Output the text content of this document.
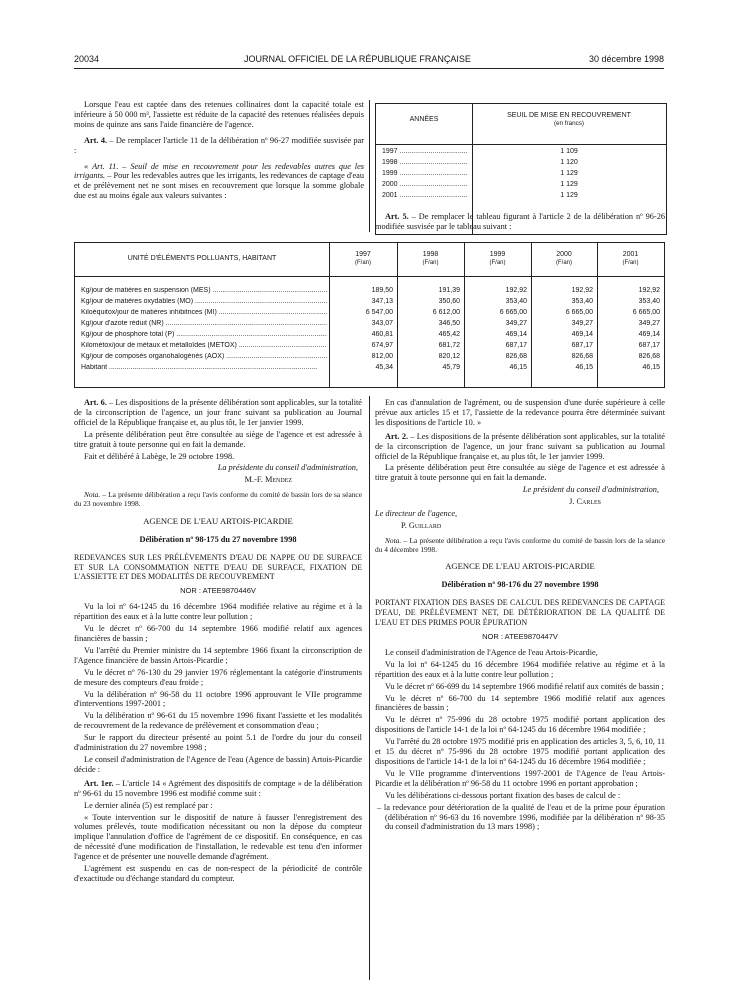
20034	JOURNAL OFFICIEL DE LA RÉPUBLIQUE FRANÇAISE	30 décembre 1998

Lorsque l'eau est captée dans des retenues collinaires dont la capacité totale est inférieure à 50 000 m³, l'assiette est réduite de la capacité des retenues réalisées depuis moins de quinze ans sans l'aide financière de l'agence.

Art. 4. – De remplacer l'article 11 de la délibération nº 96-27 modifiée susvisée par :

« Art. 11. – Seuil de mise en recouvrement pour les redevables autres que les irrigants. – Pour les redevables autres que les irrigants, les redevances de captage d'eau et de prélèvement net ne sont mises en recouvrement que lorsque la somme globale due est au moins égale aux valeurs suivantes :

ANNÉES
SEUIL DE MISE EN RECOUVREMENT
(en francs)
1997 .....	1 109
1998 .....	1 120
1999 .....	1 129
2000 .....	1 129
2001 .....	1 129

Art. 5. – De remplacer le tableau figurant à l'article 2 de la délibération nº 96-26 modifiée susvisée par le tableau suivant :

UNITÉ D'ÉLÉMENTS POLLUANTS, HABITANT
1997
(F/an)
1998
(F/an)
1999
(F/an)
2000
(F/an)
2001
(F/an)
Kg/jour de matières en suspension (MES) .....	189,50	191,39	192,92	192,92	192,92
Kg/jour de matières oxydables (MO) .....	347,13	350,60	353,40	353,40	353,40
Kiloéquitox/jour de matières inhibitrices (MI) .....	6 547,00	6 612,00	6 665,00	6 665,00	6 665,00
Kg/jour d'azote réduit (NR) .....	343,07	346,50	349,27	349,27	349,27
Kg/jour de phosphore total (P) .....	460,81	465,42	469,14	469,14	469,14
Kilométox/jour de métaux et métalloïdes (METOX) .....	674,97	681,72	687,17	687,17	687,17
Kg/jour de composés organohalogénés (AOX) .....	812,00	820,12	826,68	826,68	826,68
Habitant .....	45,34	45,79	46,15	46,15	46,15

Art. 6. – Les dispositions de la présente délibération sont applicables, sur la totalité de la circonscription de l'agence, un jour franc suivant sa publication au Journal officiel de la République française et, au plus tôt, le 1er janvier 1999.

La présente délibération peut être consultée au siège de l'agence et est adressée à titre gratuit à toute personne qui en fait la demande.

Fait et délibéré à Labège, le 29 octobre 1998.

La présidente du conseil d'administration,

M.-F. Mendez

Nota. – La présente délibération a reçu l'avis conforme du comité de bassin lors de sa séance du 23 novembre 1998.

AGENCE DE L'EAU ARTOIS-PICARDIE

Délibération nº 98-175 du 27 novembre 1998

REDEVANCES SUR LES PRÉLÈVEMENTS D'EAU DE NAPPE OU DE SURFACE ET SUR LA CONSOMMATION NETTE D'EAU DE SURFACE, FIXATION DE L'ASSIETTE ET DES MODALITÉS DE RECOUVREMENT

NOR : ATEE9870446V

Vu la loi nº 64-1245 du 16 décembre 1964 modifiée relative au régime et à la répartition des eaux et à la lutte contre leur pollution ;

Vu le décret nº 66-700 du 14 septembre 1966 modifié relatif aux agences financières de bassin ;

Vu l'arrêté du Premier ministre du 14 septembre 1966 fixant la circonscription de l'Agence financière de bassin Artois-Picardie ;

Vu le décret nº 76-130 du 29 janvier 1976 réglementant la catégorie d'instruments de mesure des compteurs d'eau froide ;

Vu la délibération nº 96-58 du 11 octobre 1996 approuvant le VIIe programme d'interventions 1997-2001 ;

Vu la délibération nº 96-61 du 15 novembre 1996 fixant l'assiette et les modalités de recouvrement de la redevance de prélèvement et consommation d'eau ;

Sur le rapport du directeur présenté au point 5.1 de l'ordre du jour du conseil d'administration du 27 novembre 1998 ;

Le conseil d'administration de l'Agence de l'eau (Agence de bassin) Artois-Picardie décide :

Art. 1er. – L'article 14 « Agrément des dispositifs de comptage » de la délibération nº 96-61 du 15 novembre 1996 est modifié comme suit :

Le dernier alinéa (5) est remplacé par :

« Toute intervention sur le dispositif de nature à fausser l'enregistrement des volumes prélevés, toute modification nécessitant ou non la dépose du compteur implique l'annulation d'office de l'agrément de ce dispositif. En conséquence, en cas de nécessité d'une modification de l'installation, le redevable est tenu d'en informer l'agence et de présenter une nouvelle demande d'agrément.

L'agrément est suspendu en cas de non-respect de la périodicité de contrôle d'exactitude ou d'échange standard du compteur.

En cas d'annulation de l'agrément, ou de suspension d'une durée supérieure à celle prévue aux articles 15 et 17, l'assiette de la redevance pourra être déterminée suivant les dispositions de l'article 10. »

Art. 2. – Les dispositions de la présente délibération sont applicables, sur la totalité de la circonscription de l'agence, un jour franc suivant sa publication au Journal officiel de la République française et, au plus tôt, le 1er janvier 1999.

La présente délibération peut être consultée au siège de l'agence et est adressée à titre gratuit à toute personne qui en fait la demande.

Le président du conseil d'administration,

J. Carles

Le directeur de l'agence,

P. Guillard

Nota. – La présente délibération a reçu l'avis conforme du comité de bassin lors de la séance du 4 décembre 1998.

AGENCE DE L'EAU ARTOIS-PICARDIE

Délibération nº 98-176 du 27 novembre 1998

PORTANT FIXATION DES BASES DE CALCUL DES REDEVANCES DE CAPTAGE D'EAU, DE PRÉLÈVEMENT NET, DE DÉTÉRIORATION DE LA QUALITÉ DE L'EAU ET DES PRIMES POUR ÉPURATION

NOR : ATEE9870447V

Le conseil d'administration de l'Agence de l'eau Artois-Picardie,

Vu la loi nº 64-1245 du 16 décembre 1964 modifiée relative au régime et à la répartition des eaux et à la lutte contre leur pollution ;

Vu le décret nº 66-699 du 14 septembre 1966 modifié relatif aux comités de bassin ;

Vu le décret nº 66-700 du 14 septembre 1966 modifié relatif aux agences financières de bassin ;

Vu le décret nº 75-996 du 28 octobre 1975 modifié portant application des dispositions de l'article 14-1 de la loi nº 64-1245 du 16 décembre 1964 modifiée ;

Vu l'arrêté du 28 octobre 1975 modifié pris en application des articles 3, 5, 6, 10, 11 et 15 du décret nº 75-996 du 28 octobre 1975 modifié portant application des dispositions de l'article 14-1 de la loi nº 64-1245 du 16 décembre 1964 modifiée ;

Vu le VIIe programme d'interventions 1997-2001 de l'Agence de l'eau Artois-Picardie et la délibération nº 96-58 du 11 octobre 1996 en portant approbation ;

Vu les délibérations ci-dessous portant fixation des bases de calcul de :

– la redevance pour détérioration de la qualité de l'eau et de la prime pour épuration (délibération nº 96-63 du 16 novembre 1996, modifiée par la délibération nº 98-35 du conseil d'administration du 13 mars 1998) ;
